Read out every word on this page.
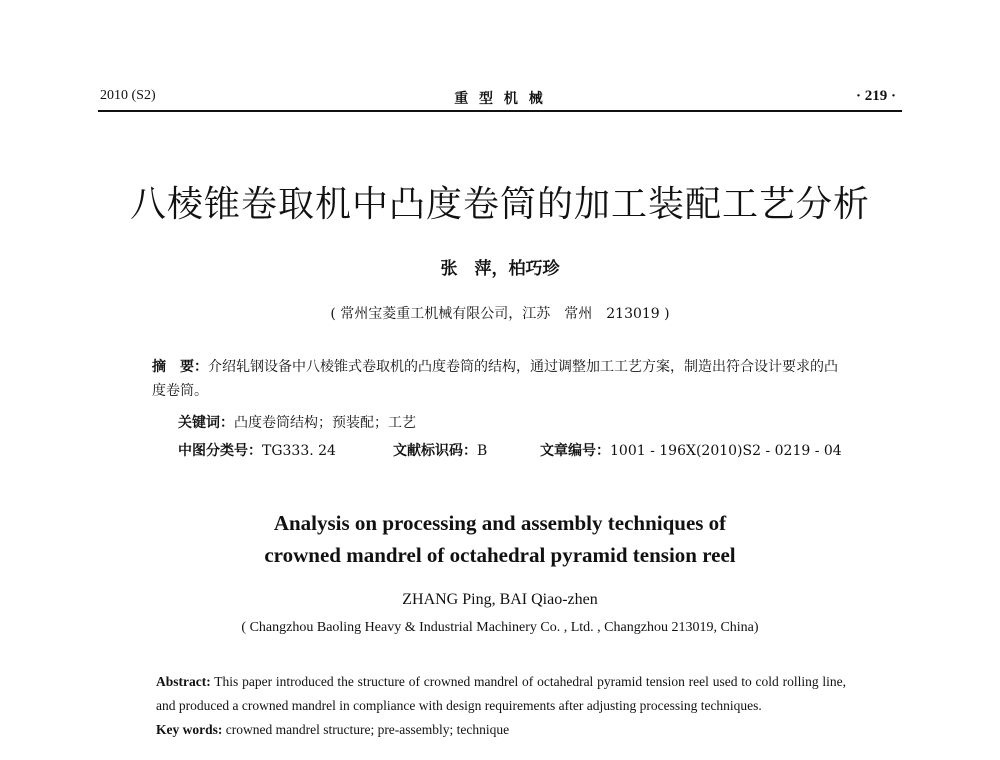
2010 (S2)	重 型 机 械	· 219 ·
八棱锥卷取机中凸度卷筒的加工装配工艺分析
张　萍，柏巧珍
( 常州宝菱重工机械有限公司，江苏　常州　213019 )
摘　要：介绍轧钢设备中八棱锥式卷取机的凸度卷筒的结构，通过调整加工工艺方案，制造出符合设计要求的凸度卷筒。
关键词：凸度卷筒结构；预装配；工艺
中图分类号：TG333. 24	文献标识码：B	文章编号：1001 - 196X(2010)S2 - 0219 - 04
Analysis on processing and assembly techniques of
crowned mandrel of octahedral pyramid tension reel
ZHANG Ping, BAI Qiao-zhen
( Changzhou Baoling Heavy & Industrial Machinery Co. , Ltd. , Changzhou 213019, China)
Abstract: This paper introduced the structure of crowned mandrel of octahedral pyramid tension reel used to cold rolling line, and produced a crowned mandrel in compliance with design requirements after adjusting processing techniques.
Key words: crowned mandrel structure; pre-assembly; technique
